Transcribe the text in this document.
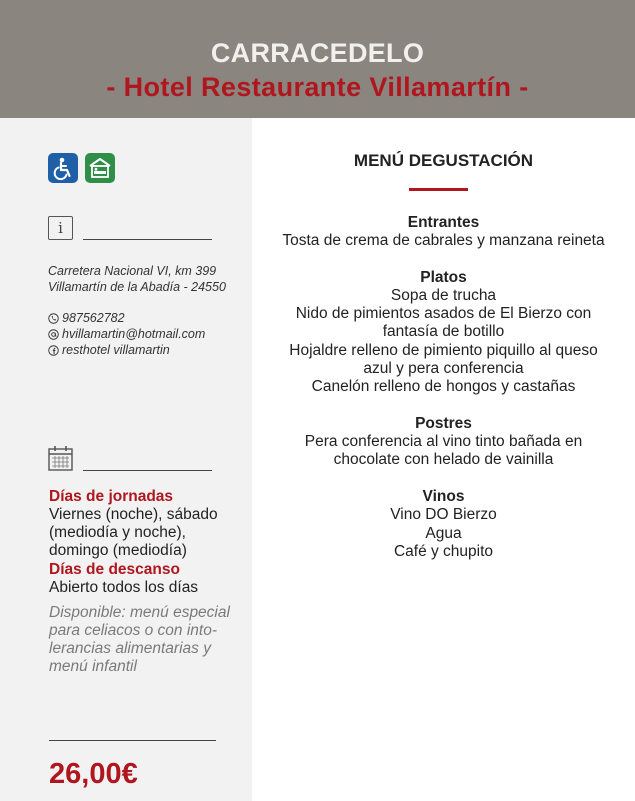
CARRACEDELO
- Hotel Restaurante Villamartín -
i
Carretera Nacional VI, km 399
Villamartín de la Abadía - 24550
987562782
hvillamartin@hotmail.com
resthotel villamartin
Días de jornadas
Viernes (noche), sábado
(mediodía y noche),
domingo (mediodía)
Días de descanso
Abierto todos los días
Disponible: menú especial
para celiacos o con into-
lerancias alimentarias y
menú infantil
26,00€
MENÚ DEGUSTACIÓN
Entrantes
Tosta de crema de cabrales y manzana reineta
Platos
Sopa de trucha
Nido de pimientos asados de El Bierzo con
fantasía de botillo
Hojaldre relleno de pimiento piquillo al queso
azul y pera conferencia
Canelón relleno de hongos y castañas
Postres
Pera conferencia al vino tinto bañada en
chocolate con helado de vainilla
Vinos
Vino DO Bierzo
Agua
Café y chupito
